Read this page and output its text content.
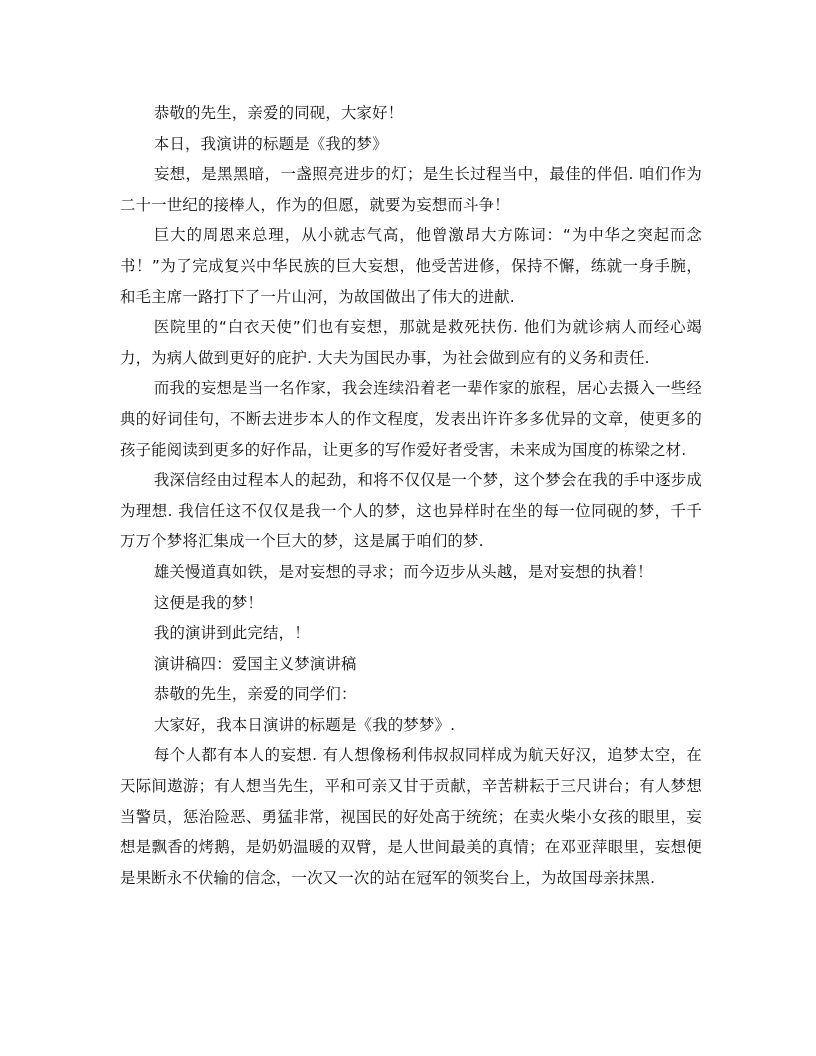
恭敬的先生，亲爱的同砚，大家好！

本日，我演讲的标题是《我的梦》

妄想，是黑黑暗，一盏照亮进步的灯；是生长过程当中，最佳的伴侣. 咱们作为二十一世纪的接棒人，作为的但愿，就要为妄想而斗争！

巨大的周恩来总理，从小就志气高，他曾激昂大方陈词：“为中华之突起而念书！”为了完成复兴中华民族的巨大妄想，他受苦进修，保持不懈，练就一身手腕，和毛主席一路打下了一片山河，为故国做出了伟大的进献.

医院里的“白衣天使”们也有妄想，那就是救死扶伤. 他们为就诊病人而经心竭力，为病人做到更好的庇护. 大夫为国民办事，为社会做到应有的义务和责任.

而我的妄想是当一名作家，我会连续沿着老一辈作家的旅程，居心去摄入一些经典的好词佳句，不断去进步本人的作文程度，发表出许许多多优异的文章，使更多的孩子能阅读到更多的好作品，让更多的写作爱好者受害，未来成为国度的栋梁之材.

我深信经由过程本人的起劲，和将不仅仅是一个梦，这个梦会在我的手中逐步成为理想. 我信任这不仅仅是我一个人的梦，这也异样时在坐的每一位同砚的梦，千千万万个梦将汇集成一个巨大的梦，这是属于咱们的梦.

雄关慢道真如铁，是对妄想的寻求；而今迈步从头越，是对妄想的执着！

这便是我的梦！

我的演讲到此完结，！

演讲稿四：爱国主义梦演讲稿

恭敬的先生，亲爱的同学们：

大家好，我本日演讲的标题是《我的梦梦》.

每个人都有本人的妄想. 有人想像杨利伟叔叔同样成为航天好汉，追梦太空，在天际间遨游；有人想当先生，平和可亲又甘于贡献，辛苦耕耘于三尺讲台；有人梦想当警员，惩治险恶、勇猛非常，视国民的好处高于统统；在卖火柴小女孩的眼里，妄想是飘香的烤鹅，是奶奶温暖的双臂，是人世间最美的真情；在邓亚萍眼里，妄想便是果断永不伏输的信念，一次又一次的站在冠军的领奖台上，为故国母亲抹黑.
